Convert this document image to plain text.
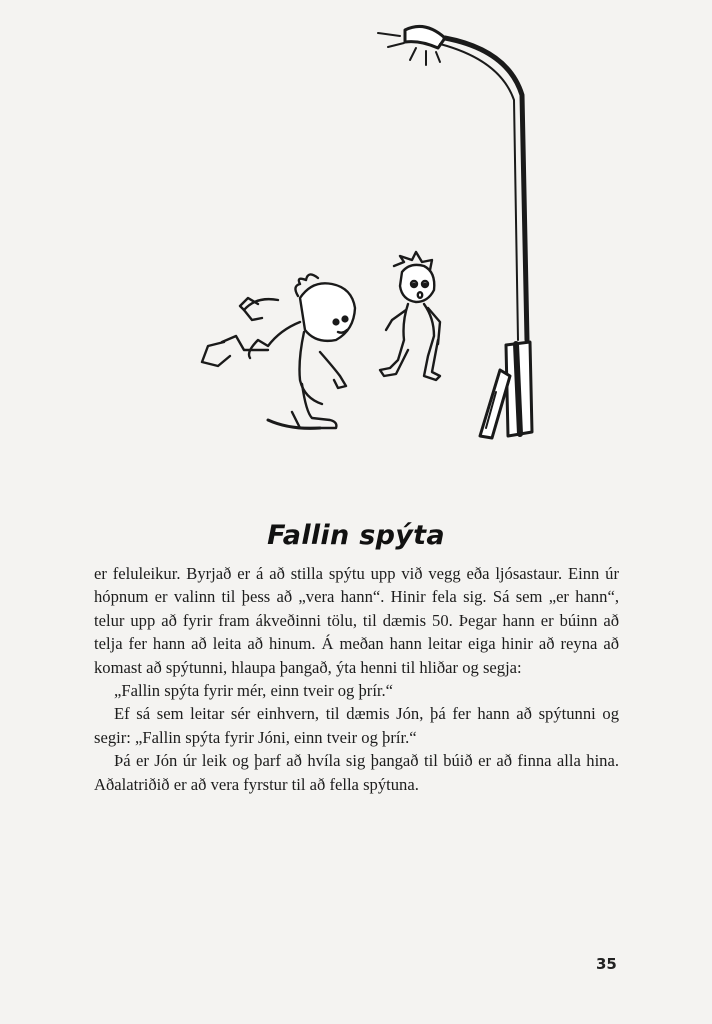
Fallin spýta

er feluleikur. Byrjað er á að stilla spýtu upp við vegg eða ljósastaur. Einn úr hópnum er valinn til þess að „vera hann“. Hinir fela sig. Sá sem „er hann“, telur upp að fyrir fram ákveðinni tölu, til dæmis 50. Þegar hann er búinn að telja fer hann að leita að hinum. Á meðan hann leitar eiga hinir að reyna að komast að spýtunni, hlaupa þangað, ýta henni til hliðar og segja:

„Fallin spýta fyrir mér, einn tveir og þrír.“

Ef sá sem leitar sér einhvern, til dæmis Jón, þá fer hann að spýtunni og segir: „Fallin spýta fyrir Jóni, einn tveir og þrír.“

Þá er Jón úr leik og þarf að hvíla sig þangað til búið er að finna alla hina. Aðalatriðið er að vera fyrstur til að fella spýtuna.

35
